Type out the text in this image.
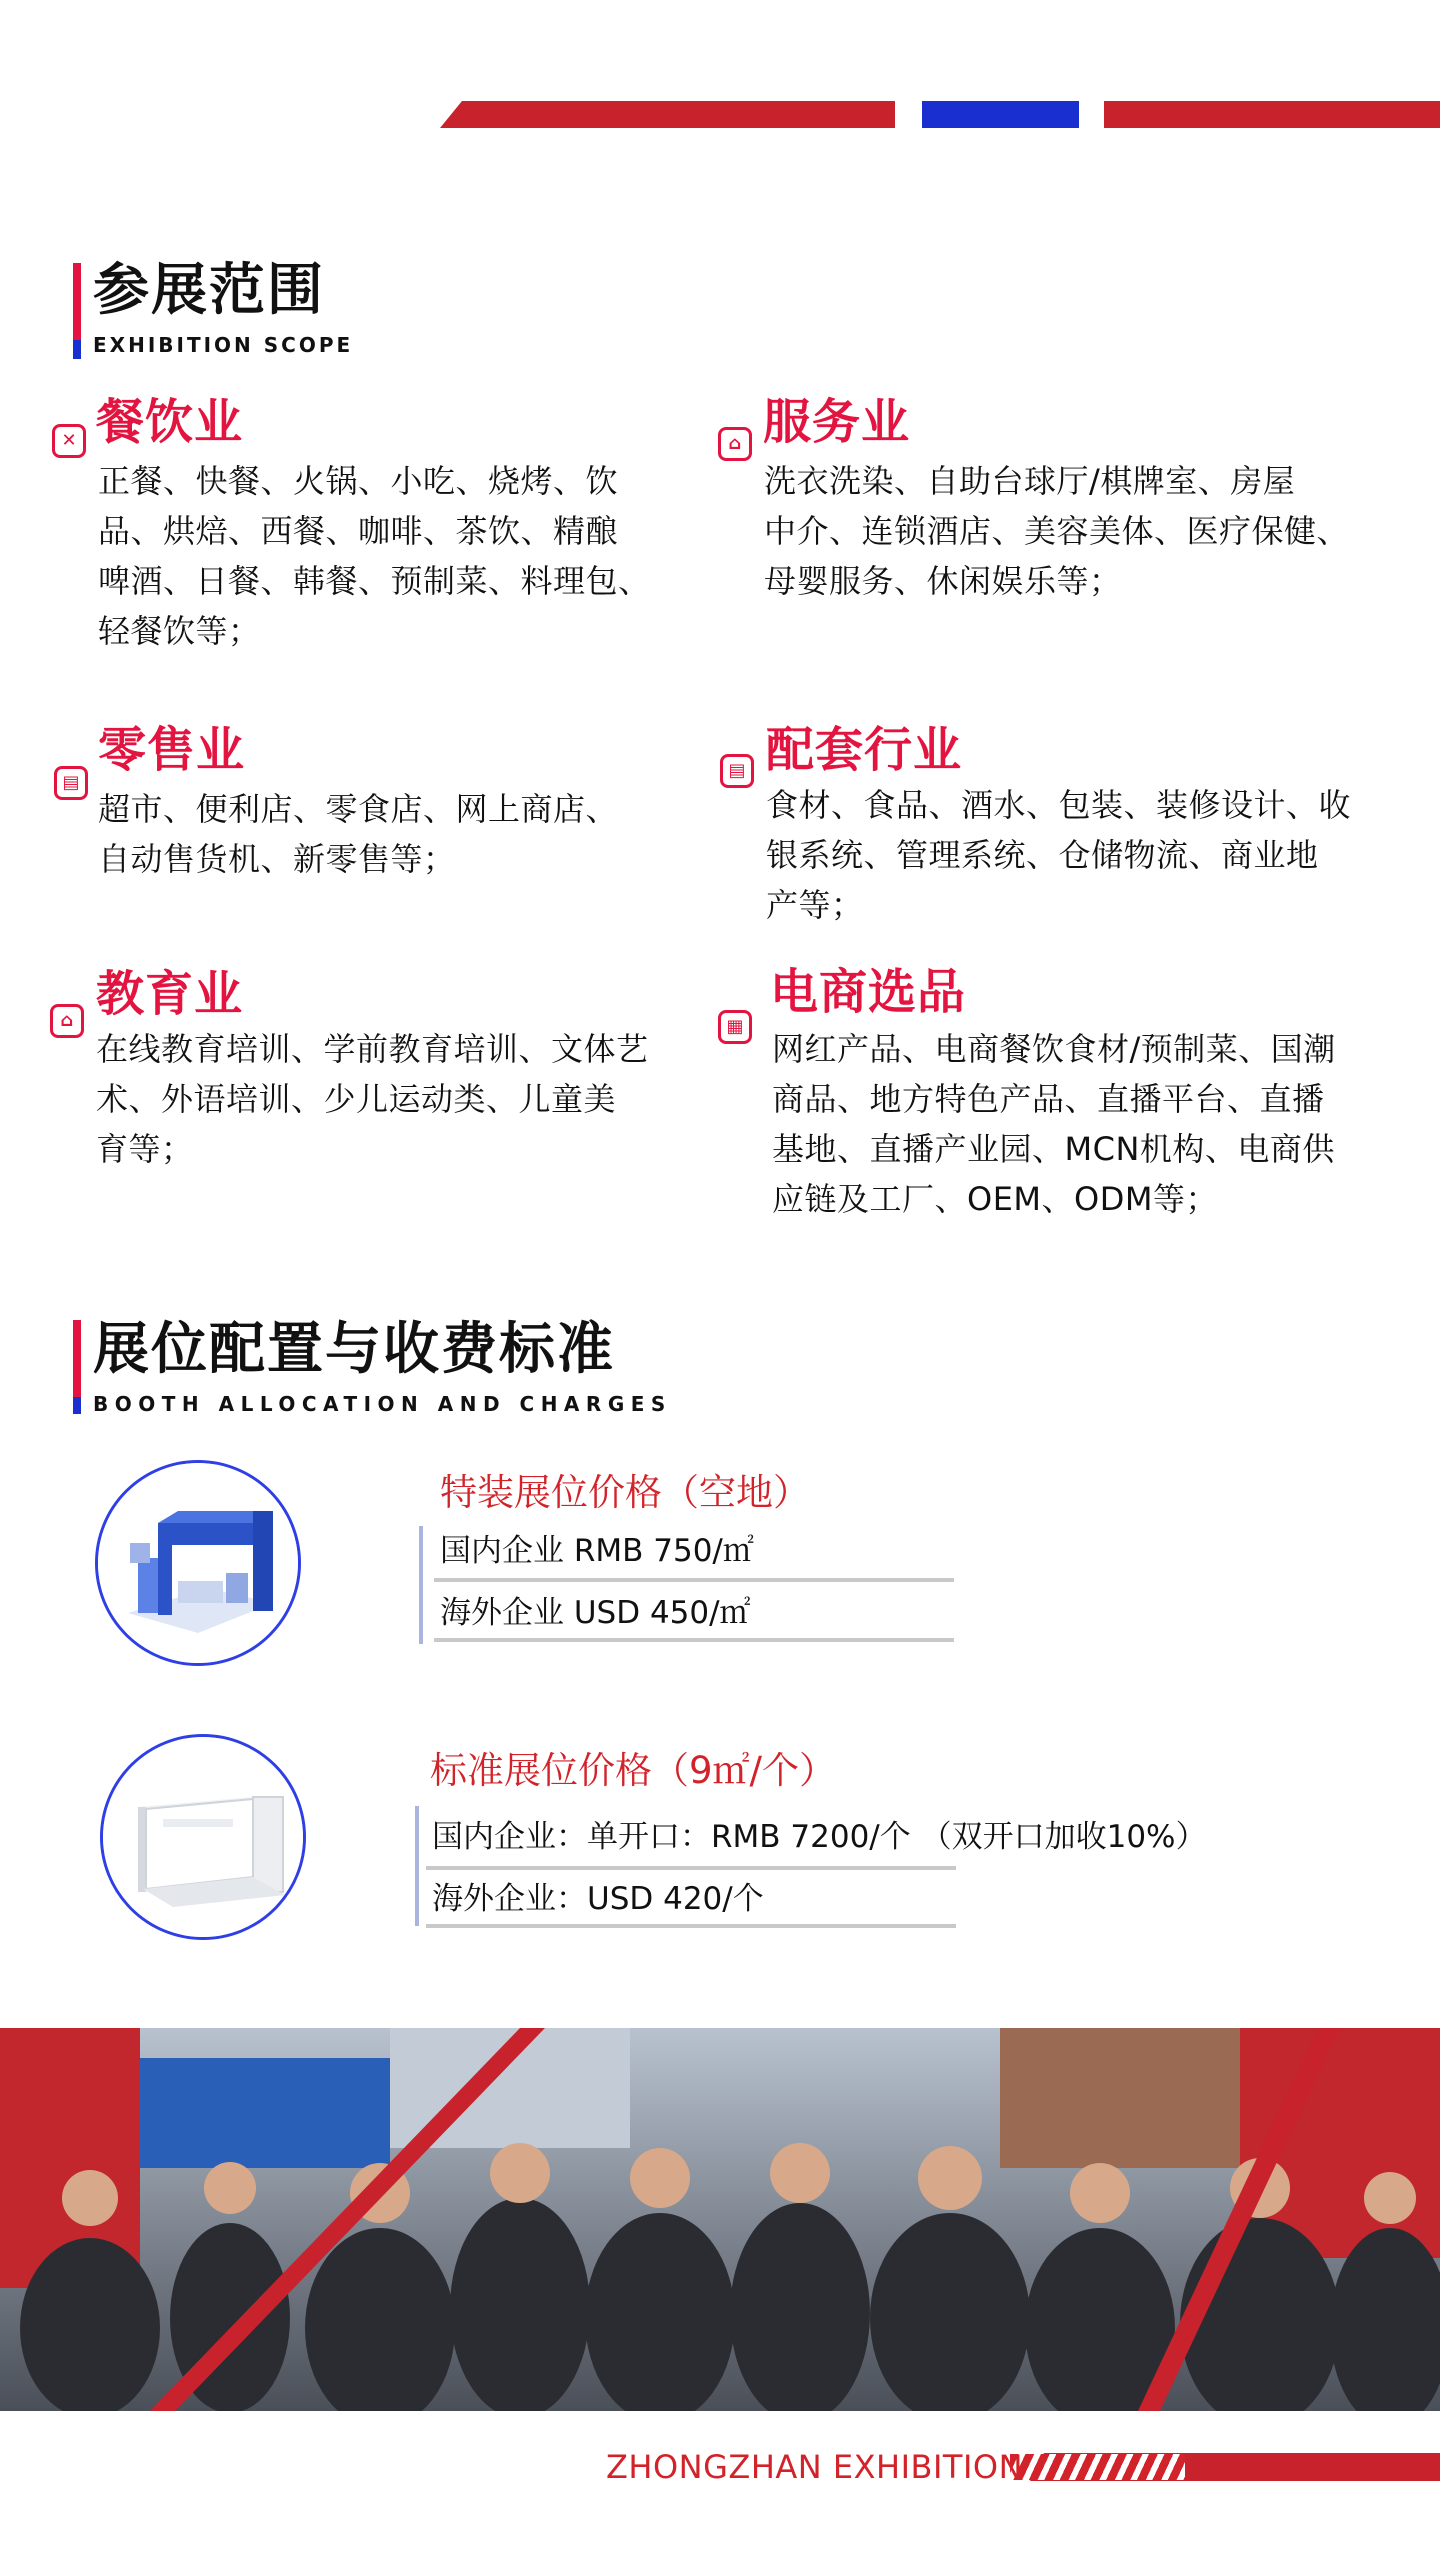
参展范围
EXHIBITION SCOPE
✕ 餐饮业
正餐、快餐、火锅、小吃、烧烤、饮
品、烘焙、西餐、咖啡、茶饮、精酿
啤酒、日餐、韩餐、预制菜、料理包、
轻餐饮等；
⌂ 服务业
洗衣洗染、自助台球厅/棋牌室、房屋
中介、连锁酒店、美容美体、医疗保健、
母婴服务、休闲娱乐等；
▤
零售业
超市、便利店、零食店、网上商店、
自动售货机、新零售等；
▤ 配套行业
食材、食品、酒水、包装、装修设计、收
银系统、管理系统、仓储物流、商业地
产等；
⌂ 教育业
在线教育培训、学前教育培训、文体艺
术、外语培训、少儿运动类、儿童美
育等；
▦
电商选品
网红产品、电商餐饮食材/预制菜、国潮
商品、地方特色产品、直播平台、直播
基地、直播产业园、MCN机构、电商供
应链及工厂、OEM、ODM等；
展位配置与收费标准
BOOTH ALLOCATION AND CHARGES
特装展位价格（空地）
国内企业 RMB 750/㎡
海外企业 USD 450/㎡
标准展位价格（9㎡/个）
国内企业：单开口：RMB 7200/个 （双开口加收10%）
海外企业：USD 420/个
ZHONGZHAN EXHIBITION
